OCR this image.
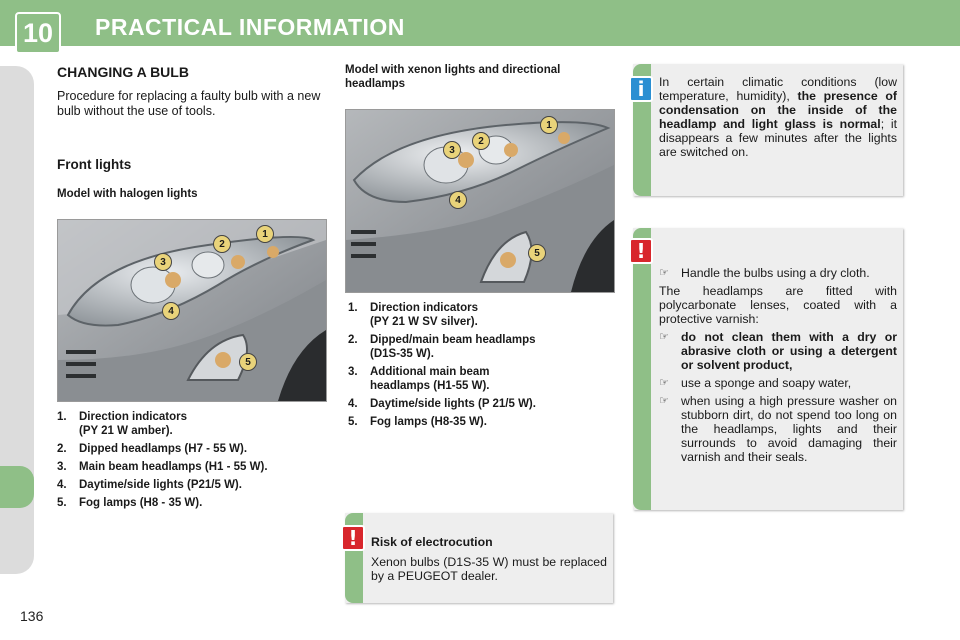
10	PRACTICAL INFORMATION
136
CHANGING A BULB
Procedure for replacing a faulty bulb with a new bulb without the use of tools.
Front lights
Model with halogen lights
1
2
3
4
5
1.	Direction indicators
(PY 21 W amber).
2.	Dipped headlamps (H7 - 55 W).
3.	Main beam headlamps (H1 - 55 W).
4.	Daytime/side lights (P21/5 W).
5.	Fog lamps (H8 - 35 W).
Model with xenon lights and directional headlamps
1
2
3
4
5
1.	Direction indicators
(PY 21 W SV silver).
2.	Dipped/main beam headlamps
(D1S-35 W).
3.	Additional main beam
headlamps (H1-55 W).
4.	Daytime/side lights (P 21/5 W).
5.	Fog lamps (H8-35 W).
!	Risk of electrocution
Xenon bulbs (D1S-35 W) must be replaced by a PEUGEOT dealer.
i	In certain climatic conditions (low temperature, humidity), the presence of condensation on the inside of the headlamp and light glass is normal; it disappears a few minutes after the lights are switched on.
!
☞ Handle the bulbs using a dry cloth.
The headlamps are fitted with polycarbonate lenses, coated with a protective varnish:
☞ do not clean them with a dry or abrasive cloth or using a detergent or solvent product,
☞ use a sponge and soapy water,
☞ when using a high pressure washer on stubborn dirt, do not spend too long on the headlamps, lights and their surrounds to avoid damaging their varnish and their seals.
